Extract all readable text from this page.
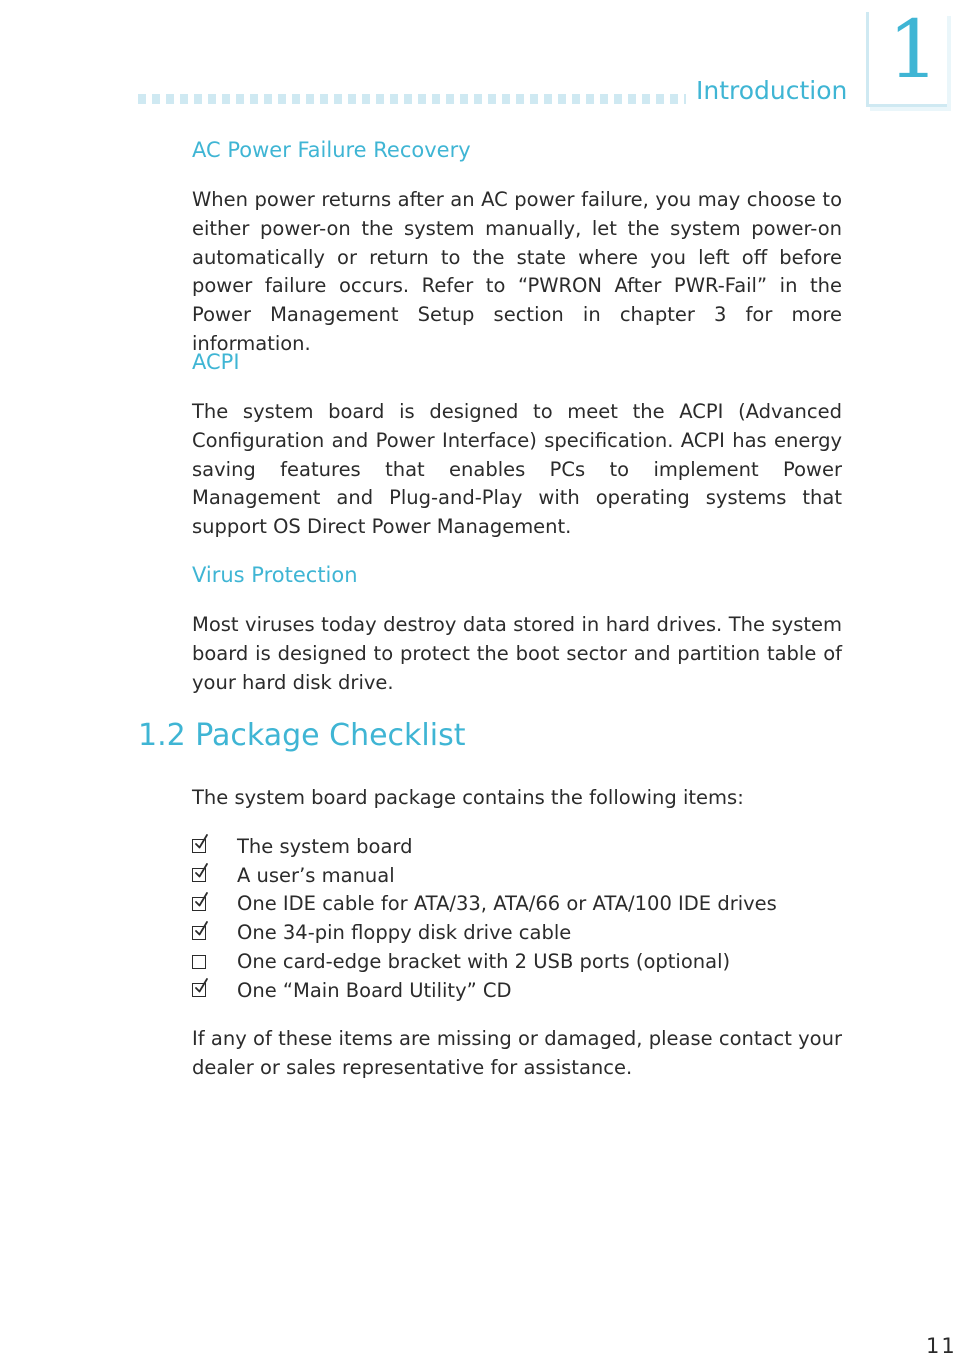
Introduction 1
AC Power Failure Recovery
When power returns after an AC power failure, you may choose to either power-on the system manually, let the system power-on automatically or return to the state where you left off before power failure occurs. Refer to “PWRON After PWR-Fail” in the Power Management Setup section in chapter 3 for more information.
ACPI
The system board is designed to meet the ACPI (Advanced Configuration and Power Interface) specification. ACPI has energy saving features that enables PCs to implement Power Management and Plug-and-Play with operating systems that support OS Direct Power Management.
Virus Protection
Most viruses today destroy data stored in hard drives. The system board is designed to protect the boot sector and partition table of your hard disk drive.
1.2 Package Checklist
The system board package contains the following items:
The system board
A user’s manual
One IDE cable for ATA/33, ATA/66 or ATA/100 IDE drives
One 34-pin floppy disk drive cable
One card-edge bracket with 2 USB ports (optional)
One “Main Board Utility” CD
If any of these items are missing or damaged, please contact your dealer or sales representative for assistance.
11
